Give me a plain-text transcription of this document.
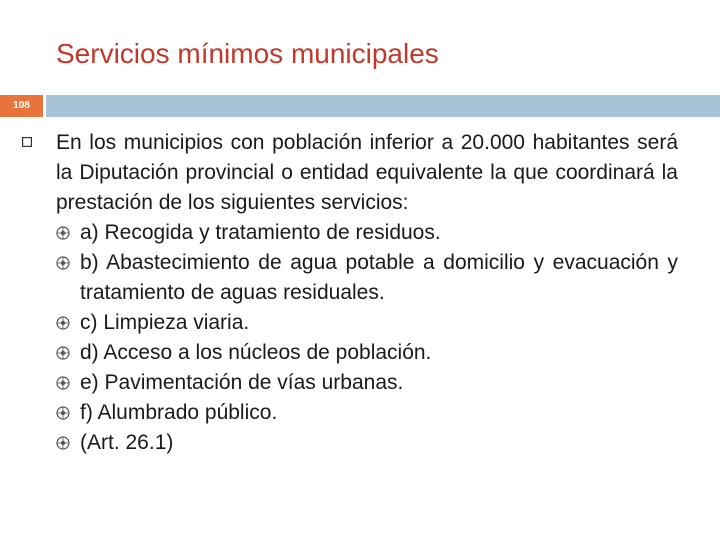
Servicios mínimos municipales
108

En los municipios con población inferior a 20.000 habitantes será la Diputación provincial o entidad equivalente la que coordinará la prestación de los siguientes servicios:

a) Recogida y tratamiento de residuos.
b) Abastecimiento de agua potable a domicilio y evacuación y tratamiento de aguas residuales.
c) Limpieza viaria.
d) Acceso a los núcleos de población.
e) Pavimentación de vías urbanas.
f) Alumbrado público.
(Art. 26.1)
